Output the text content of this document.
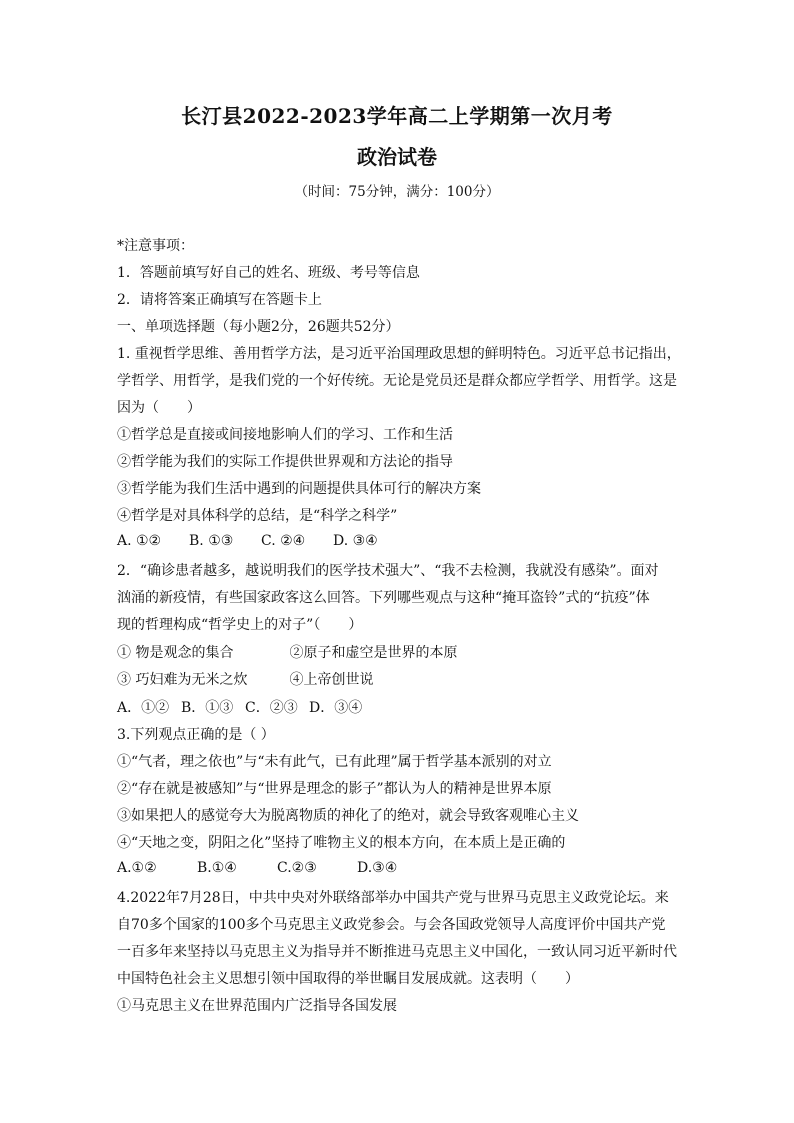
长汀县2022-2023学年高二上学期第一次月考
政治试卷
（时间：75分钟，满分：100分）
*注意事项：
1．答题前填写好自己的姓名、班级、考号等信息
2．请将答案正确填写在答题卡上
一、单项选择题（每小题2分，26题共52分）
1. 重视哲学思维、善用哲学方法，是习近平治国理政思想的鲜明特色。习近平总书记指出，
学哲学、用哲学，是我们党的一个好传统。无论是党员还是群众都应学哲学、用哲学。这是
因为（　　）
①哲学总是直接或间接地影响人们的学习、工作和生活
②哲学能为我们的实际工作提供世界观和方法论的指导
③哲学能为我们生活中遇到的问题提供具体可行的解决方案
④哲学是对具体科学的总结，是“科学之科学”
A. ①② B. ①③ C. ②④ D. ③④
2．“确诊患者越多，越说明我们的医学技术强大”、“我不去检测，我就没有感染”。面对
汹涌的新疫情，有些国家政客这么回答。下列哪些观点与这种“掩耳盗铃”式的“抗疫”体
现的哲理构成“哲学史上的对子”（　　）
① 物是观念的集合　　　　②原子和虚空是世界的本原
③ 巧妇难为无米之炊　　　④上帝创世说
A．①② B．①③ C．②③ D．③④
3.下列观点正确的是（ ）
①“气者，理之依也”与“未有此气，已有此理”属于哲学基本派别的对立
②“存在就是被感知”与“世界是理念的影子”都认为人的精神是世界本原
③如果把人的感觉夸大为脱离物质的神化了的绝对，就会导致客观唯心主义
④“天地之变，阴阳之化”坚持了唯物主义的根本方向，在本质上是正确的
A.①②	B.①④	C.②③	D.③④
4.2022年7月28日，中共中央对外联络部举办中国共产党与世界马克思主义政党论坛。来
自70多个国家的100多个马克思主义政党参会。与会各国政党领导人高度评价中国共产党
一百多年来坚持以马克思主义为指导并不断推进马克思主义中国化，一致认同习近平新时代
中国特色社会主义思想引领中国取得的举世瞩目发展成就。这表明（　　）
①马克思主义在世界范围内广泛指导各国发展
